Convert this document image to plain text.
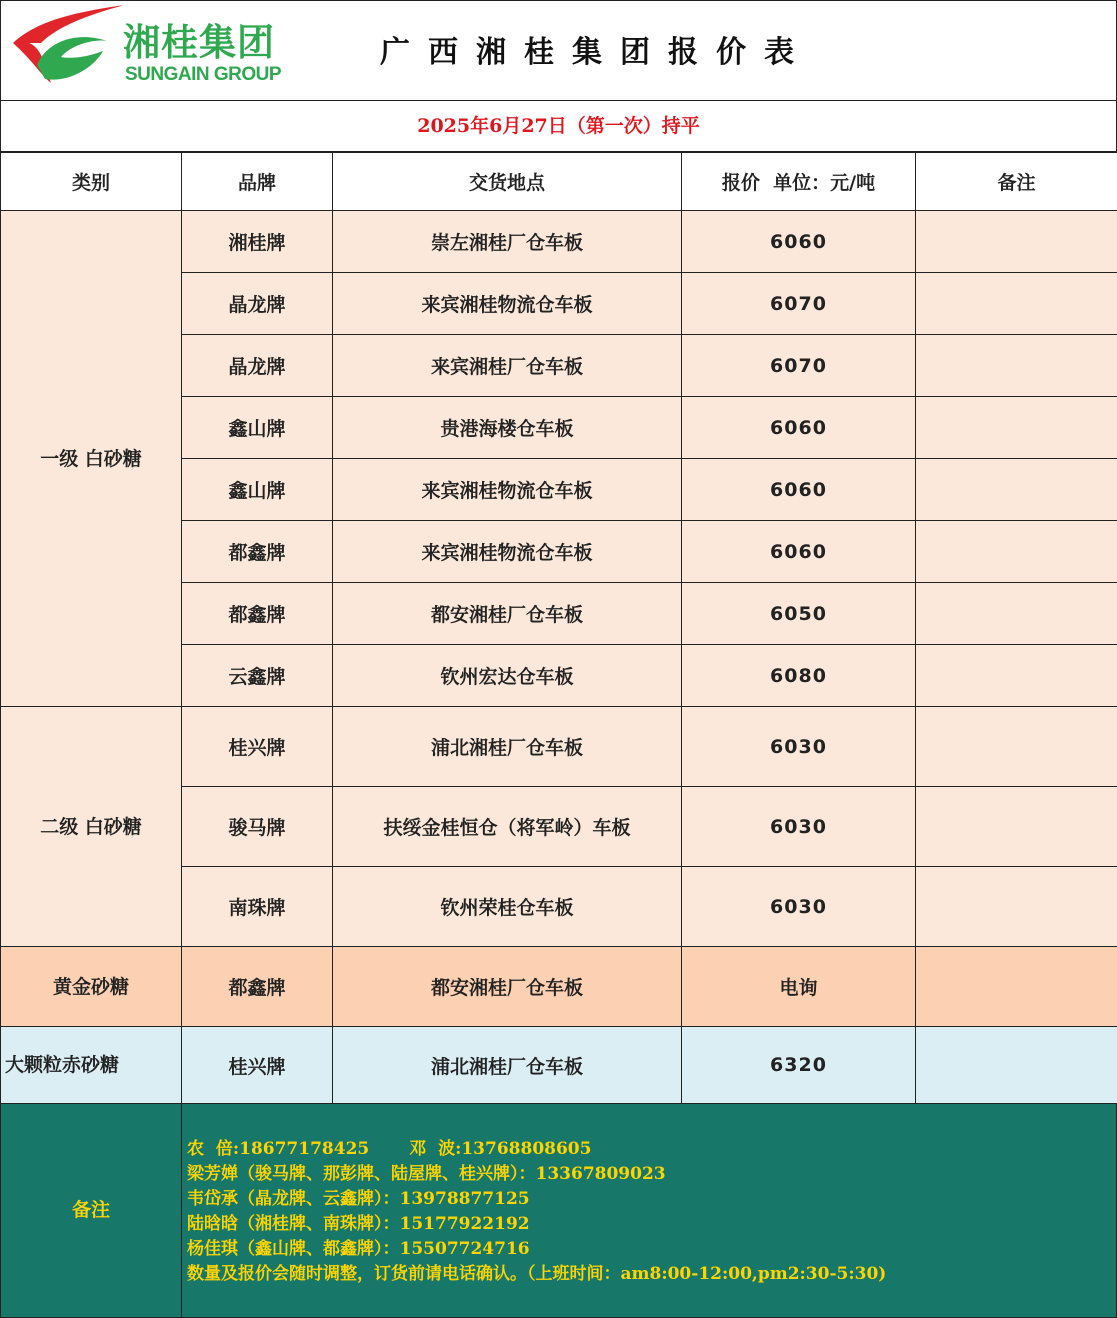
湘桂集团
SUNGAIN GROUP
广西湘桂集团报价表
2025年6月27日（第一次）持平
类别	品牌	交货地点	报价  单位：元/吨	备注
一级 白砂糖	湘桂牌	崇左湘桂厂仓车板	6060	
	晶龙牌	来宾湘桂物流仓车板	6070	
	晶龙牌	来宾湘桂厂仓车板	6070	
	鑫山牌	贵港海楼仓车板	6060	
	鑫山牌	来宾湘桂物流仓车板	6060	
	都鑫牌	来宾湘桂物流仓车板	6060	
	都鑫牌	都安湘桂厂仓车板	6050	
	云鑫牌	钦州宏达仓车板	6080	
二级 白砂糖	桂兴牌	浦北湘桂厂仓车板	6030	
	骏马牌	扶绥金桂恒仓（将军岭）车板	6030	
	南珠牌	钦州荣桂仓车板	6030	
黄金砂糖	都鑫牌	都安湘桂厂仓车板	电询	
大颗粒赤砂糖	桂兴牌	浦北湘桂厂仓车板	6320	
备注
农  倍:18677178425 邓  波:13768808605
梁芳婵（骏马牌、那彭牌、陆屋牌、桂兴牌）：13367809023
韦岱承（晶龙牌、云鑫牌）：13978877125
陆晗晗（湘桂牌、南珠牌）：15177922192
杨佳琪（鑫山牌、都鑫牌）：15507724716
数量及报价会随时调整，订货前请电话确认。（上班时间：am8:00-12:00,pm2:30-5:30)
